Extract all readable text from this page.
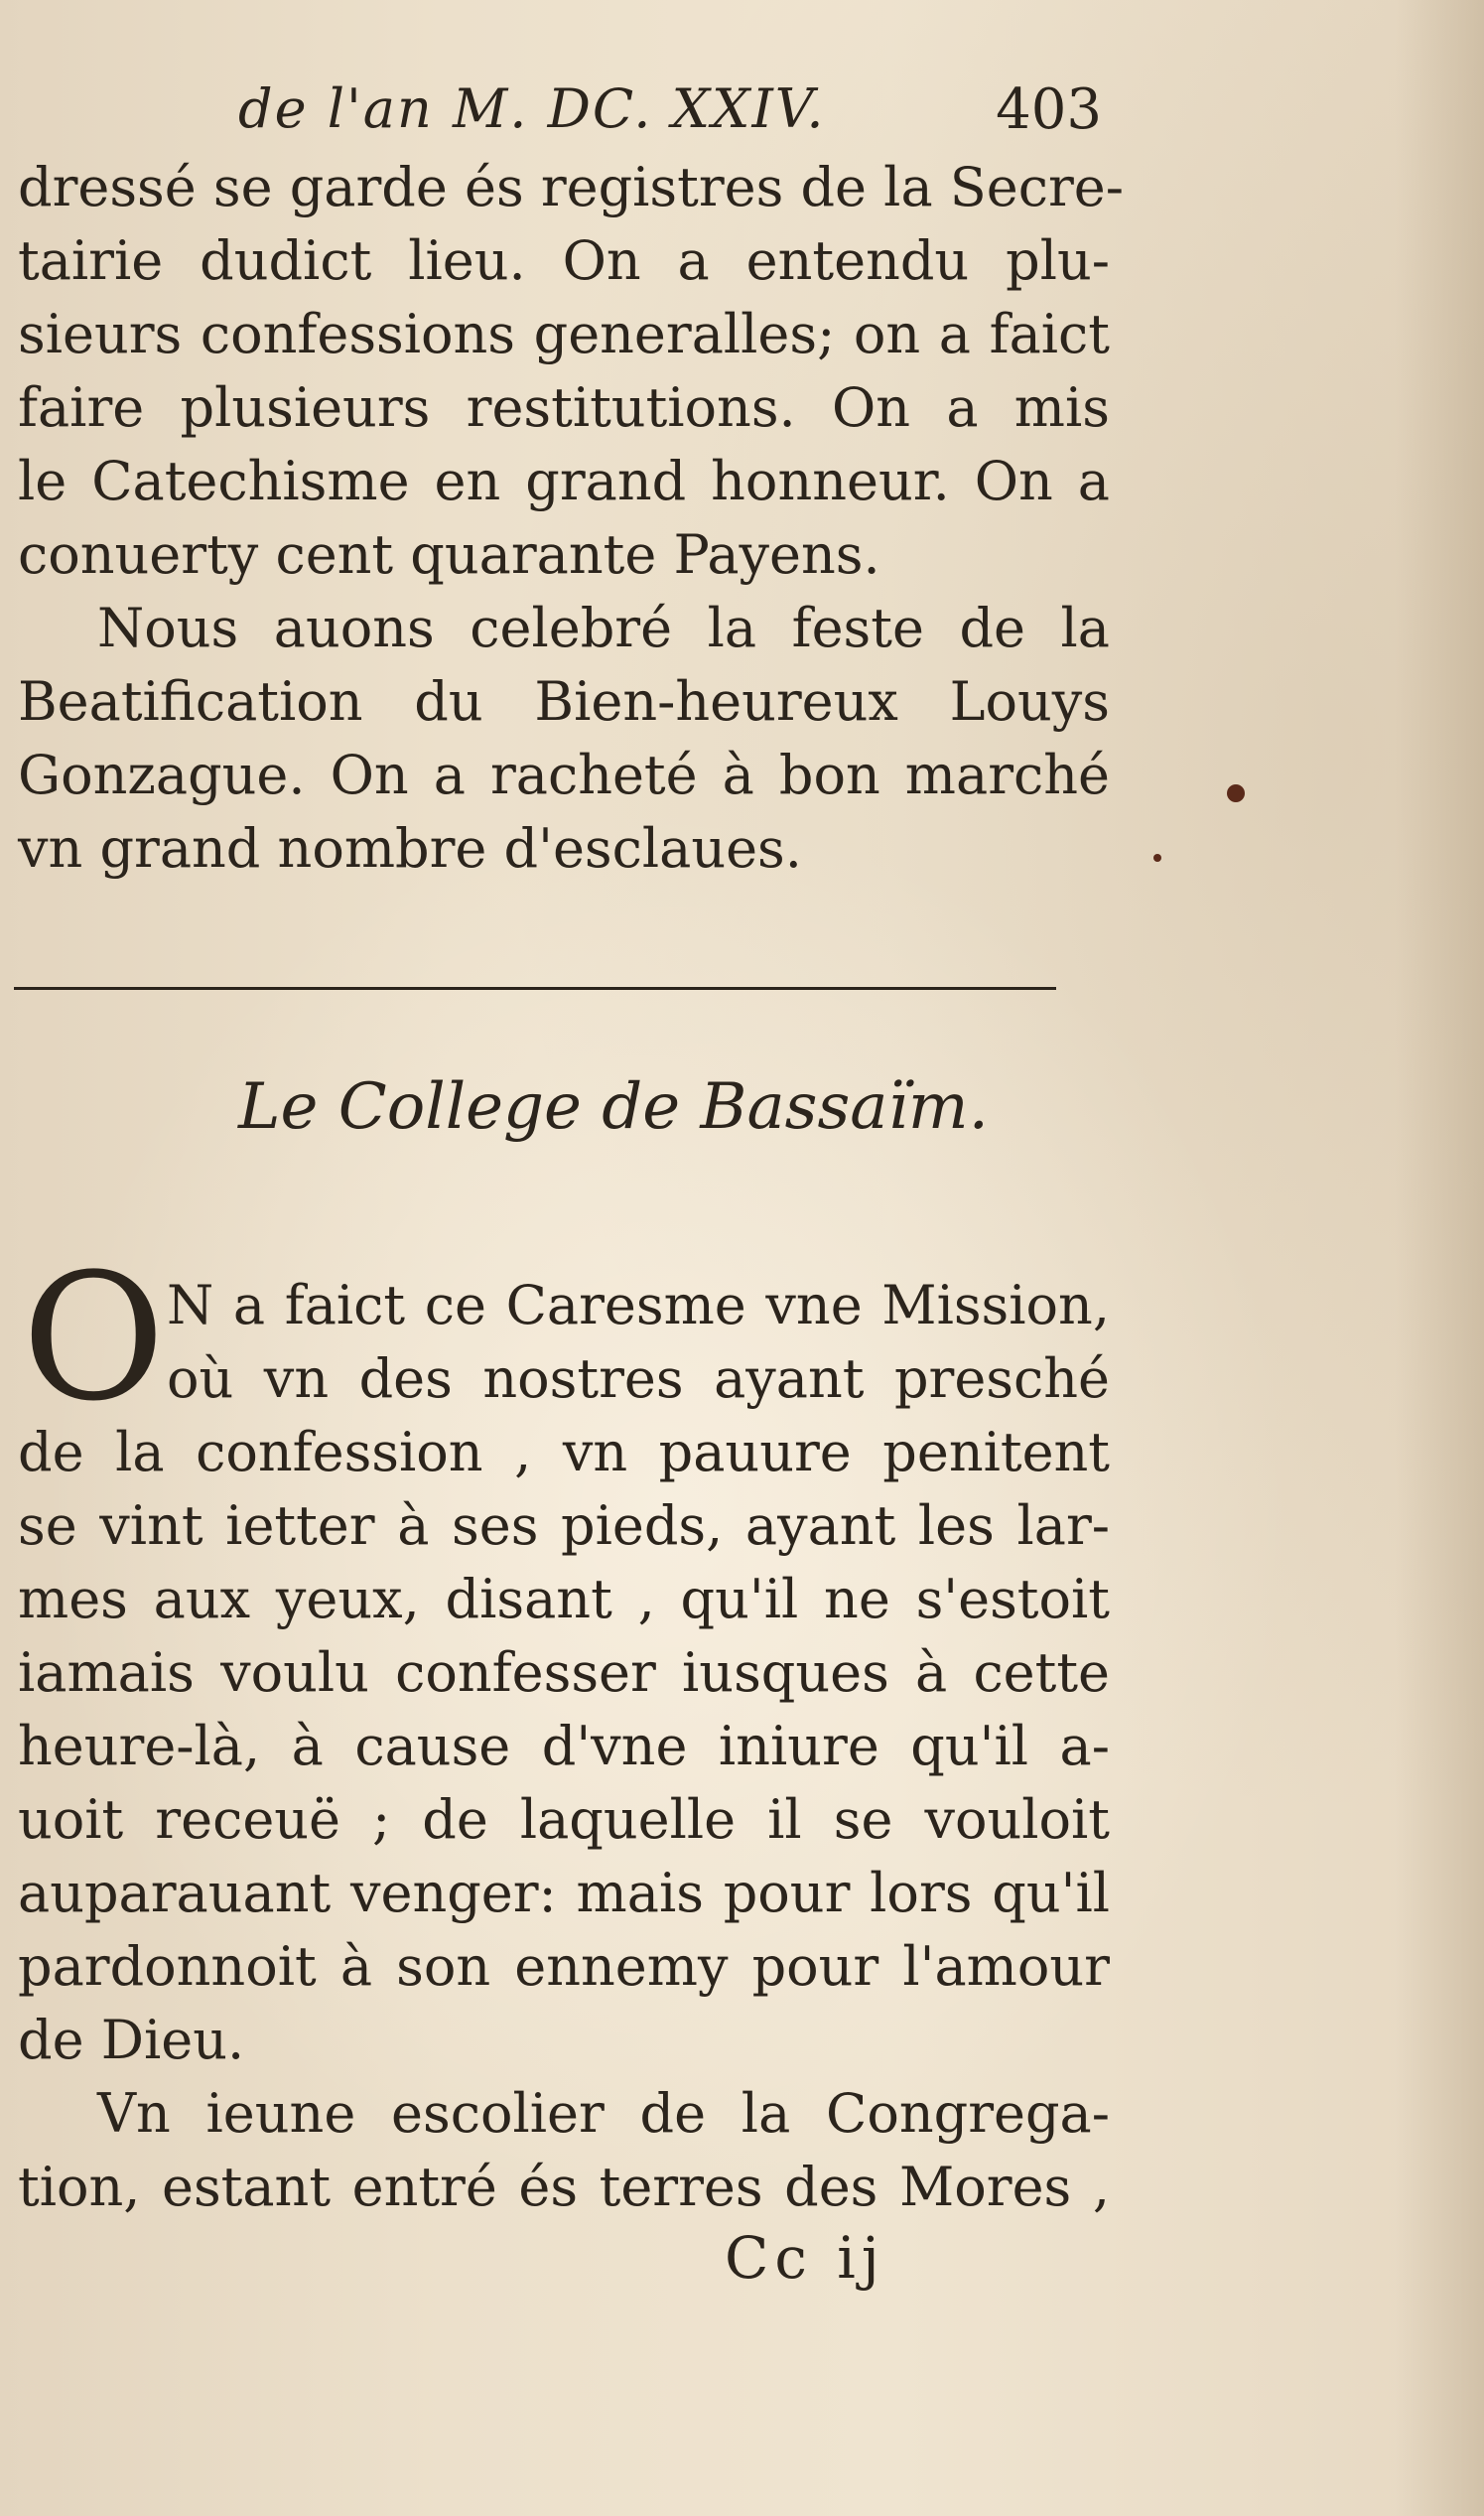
de l'an M. DC. XXIV.	403
dressé se garde és registres de la Secre-
tairie dudict lieu. On a entendu plu-
sieurs confessions generalles; on a faict
faire plusieurs restitutions. On a mis
le Catechisme en grand honneur. On a
conuerty cent quarante Payens.
Nous auons celebré la feste de la
Beatification du Bien-heureux Louys
Gonzague. On a racheté à bon marché
vn grand nombre d'esclaues.
Le College de Bassaïm.
O N a faict ce Caresme vne Mission,
où vn des nostres ayant presché
de la confession , vn pauure penitent
se vint ietter à ses pieds, ayant les lar-
mes aux yeux, disant , qu'il ne s'estoit
iamais voulu confesser iusques à cette
heure-là, à cause d'vne iniure qu'il a-
uoit receuë ; de laquelle il se vouloit
auparauant venger: mais pour lors qu'il
pardonnoit à son ennemy pour l'amour
de Dieu.
Vn ieune escolier de la Congrega-
tion, estant entré és terres des Mores ,
Cc ij
